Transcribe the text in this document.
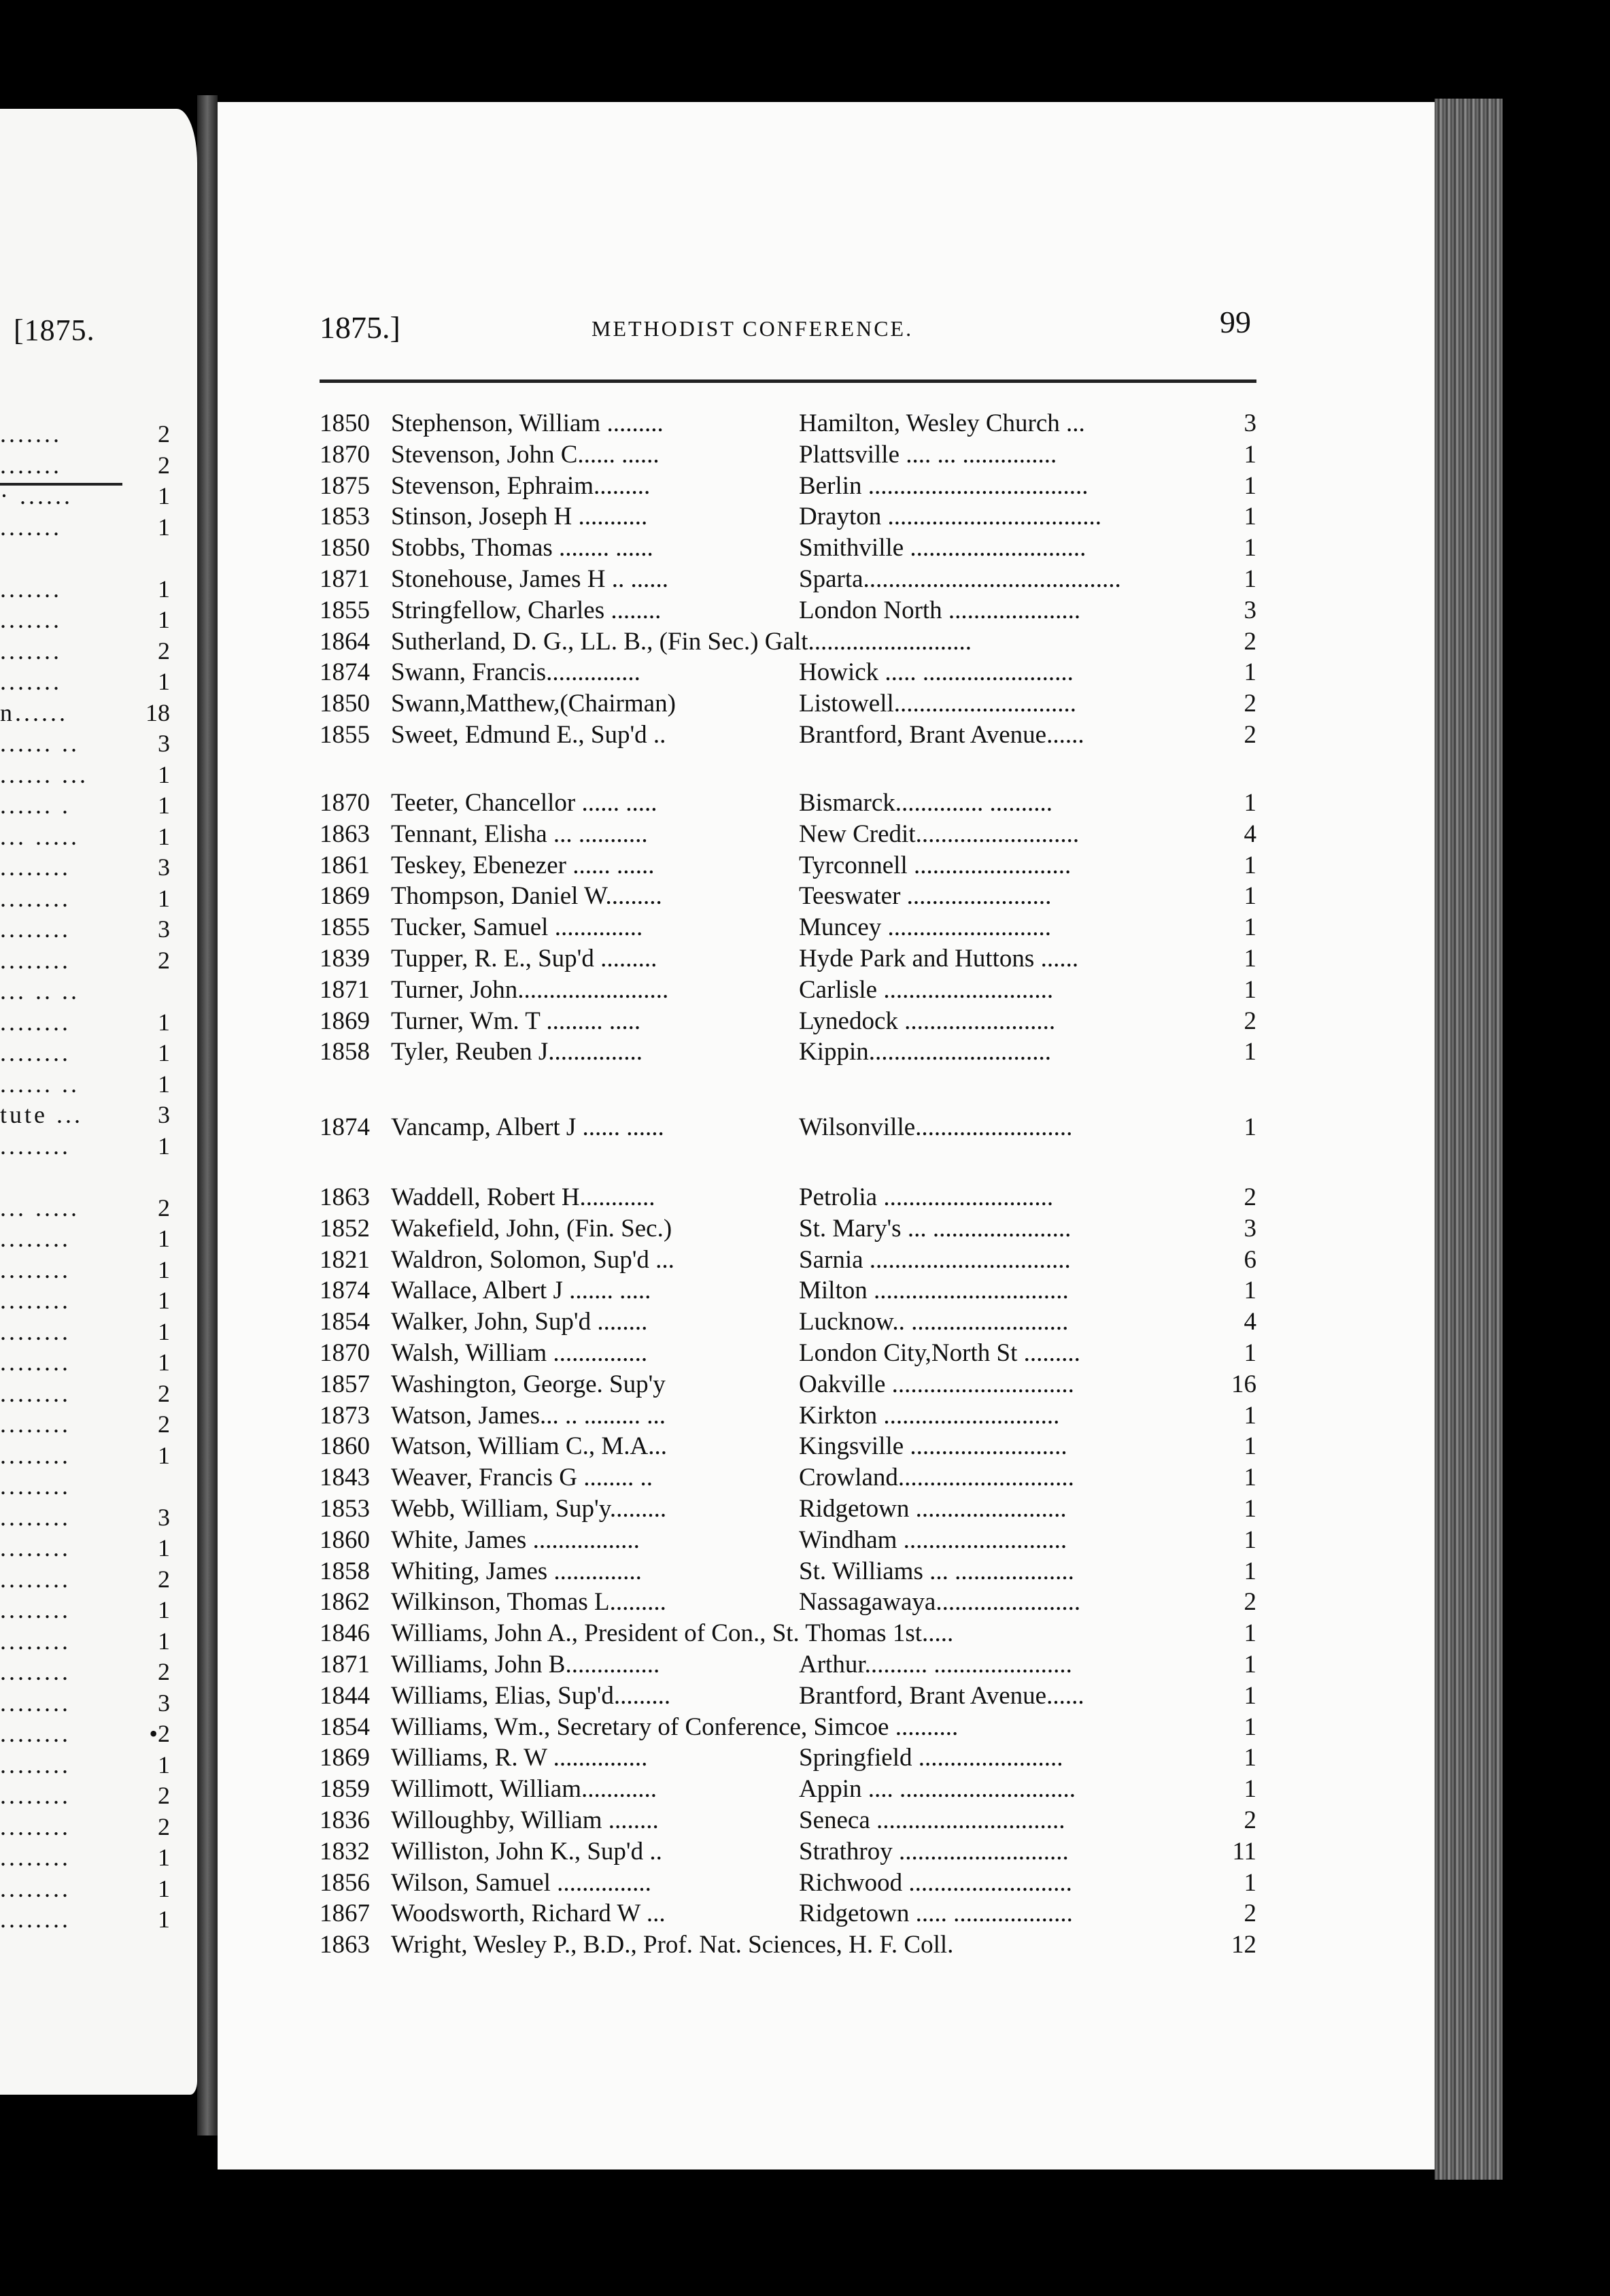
[1875.
.......	2
.......	2
· ......	1
.......	1
.......	1
.......	1
.......	2
.......	1
n......	18
...... ..	3
...... ...	1
...... .	1
... .....	1
........	3
........	1
........	3
........	2
... .. ..
........	1
........	1
...... ..	1
tute ...	3
........	1
... .....	2
........	1
........	1
........	1
........	1
........	1
........	2
........	2
........	1
........
........	3
........	1
........	2
........	1
........	1
........	2
........	3
........	•2
........	1
........	2
........	2
........	1
........	1
........	1
1875.]	METHODIST CONFERENCE.	99
1850 Stephenson, William .........	Hamilton, Wesley Church ...	3
1870 Stevenson, John C...... ......	Plattsville .... ... ...............	1
1875 Stevenson, Ephraim.........	Berlin ...................................	1
1853 Stinson, Joseph H ...........	Drayton ..................................	1
1850 Stobbs, Thomas ........ ......	Smithville ............................	1
1871 Stonehouse, James H .. ......	Sparta.........................................	1
1855 Stringfellow, Charles ........	London North .....................	3
1864 Sutherland, D. G., LL. B., (Fin Sec.) Galt..........................	2
1874 Swann, Francis...............	Howick ..... ........................	1
1850 Swann,Matthew,(Chairman)	Listowell.............................	2
1855 Sweet, Edmund E., Sup'd ..	Brantford, Brant Avenue......	2
1870 Teeter, Chancellor ...... .....	Bismarck.............. ..........	1
1863 Tennant, Elisha ... ...........	New Credit..........................	4
1861 Teskey, Ebenezer ...... ......	Tyrconnell .........................	1
1869 Thompson, Daniel W.........	Teeswater .......................	1
1855 Tucker, Samuel ..............	Muncey ..........................	1
1839 Tupper, R. E., Sup'd .........	Hyde Park and Huttons ......	1
1871 Turner, John........................	Carlisle ...........................	1
1869 Turner, Wm. T ......... .....	Lynedock ........................	2
1858 Tyler, Reuben J...............	Kippin.............................	1
1874 Vancamp, Albert J ...... ......	Wilsonville.........................	1
1863 Waddell, Robert H............	Petrolia ...........................	2
1852 Wakefield, John, (Fin. Sec.)	St. Mary's ... ......................	3
1821 Waldron, Solomon, Sup'd ...	Sarnia ................................	6
1874 Wallace, Albert J ....... .....	Milton ...............................	1
1854 Walker, John, Sup'd ........	Lucknow.. .........................	4
1870 Walsh, William ...............	London City,North St .........	1
1857 Washington, George. Sup'y	Oakville .............................	16
1873 Watson, James... .. ......... ...	Kirkton ............................	1
1860 Watson, William C., M.A...	Kingsville .........................	1
1843 Weaver, Francis G ........ ..	Crowland............................	1
1853 Webb, William, Sup'y.........	Ridgetown ........................	1
1860 White, James .................	Windham ..........................	1
1858 Whiting, James ..............	St. Williams ... ...................	1
1862 Wilkinson, Thomas L.........	Nassagawaya.......................	2
1846 Williams, John A., President of Con., St. Thomas 1st.....	1
1871 Williams, John B...............	Arthur.......... ......................	1
1844 Williams, Elias, Sup'd.........	Brantford, Brant Avenue......	1
1854 Williams, Wm., Secretary of Conference, Simcoe ..........	1
1869 Williams, R. W ...............	Springfield .......................	1
1859 Willimott, William............	Appin .... ............................	1
1836 Willoughby, William ........	Seneca ..............................	2
1832 Williston, John K., Sup'd ..	Strathroy ...........................	11
1856 Wilson, Samuel ...............	Richwood ..........................	1
1867 Woodsworth, Richard W ...	Ridgetown ..... ...................	2
1863 Wright, Wesley P., B.D., Prof. Nat. Sciences, H. F. Coll.	12
